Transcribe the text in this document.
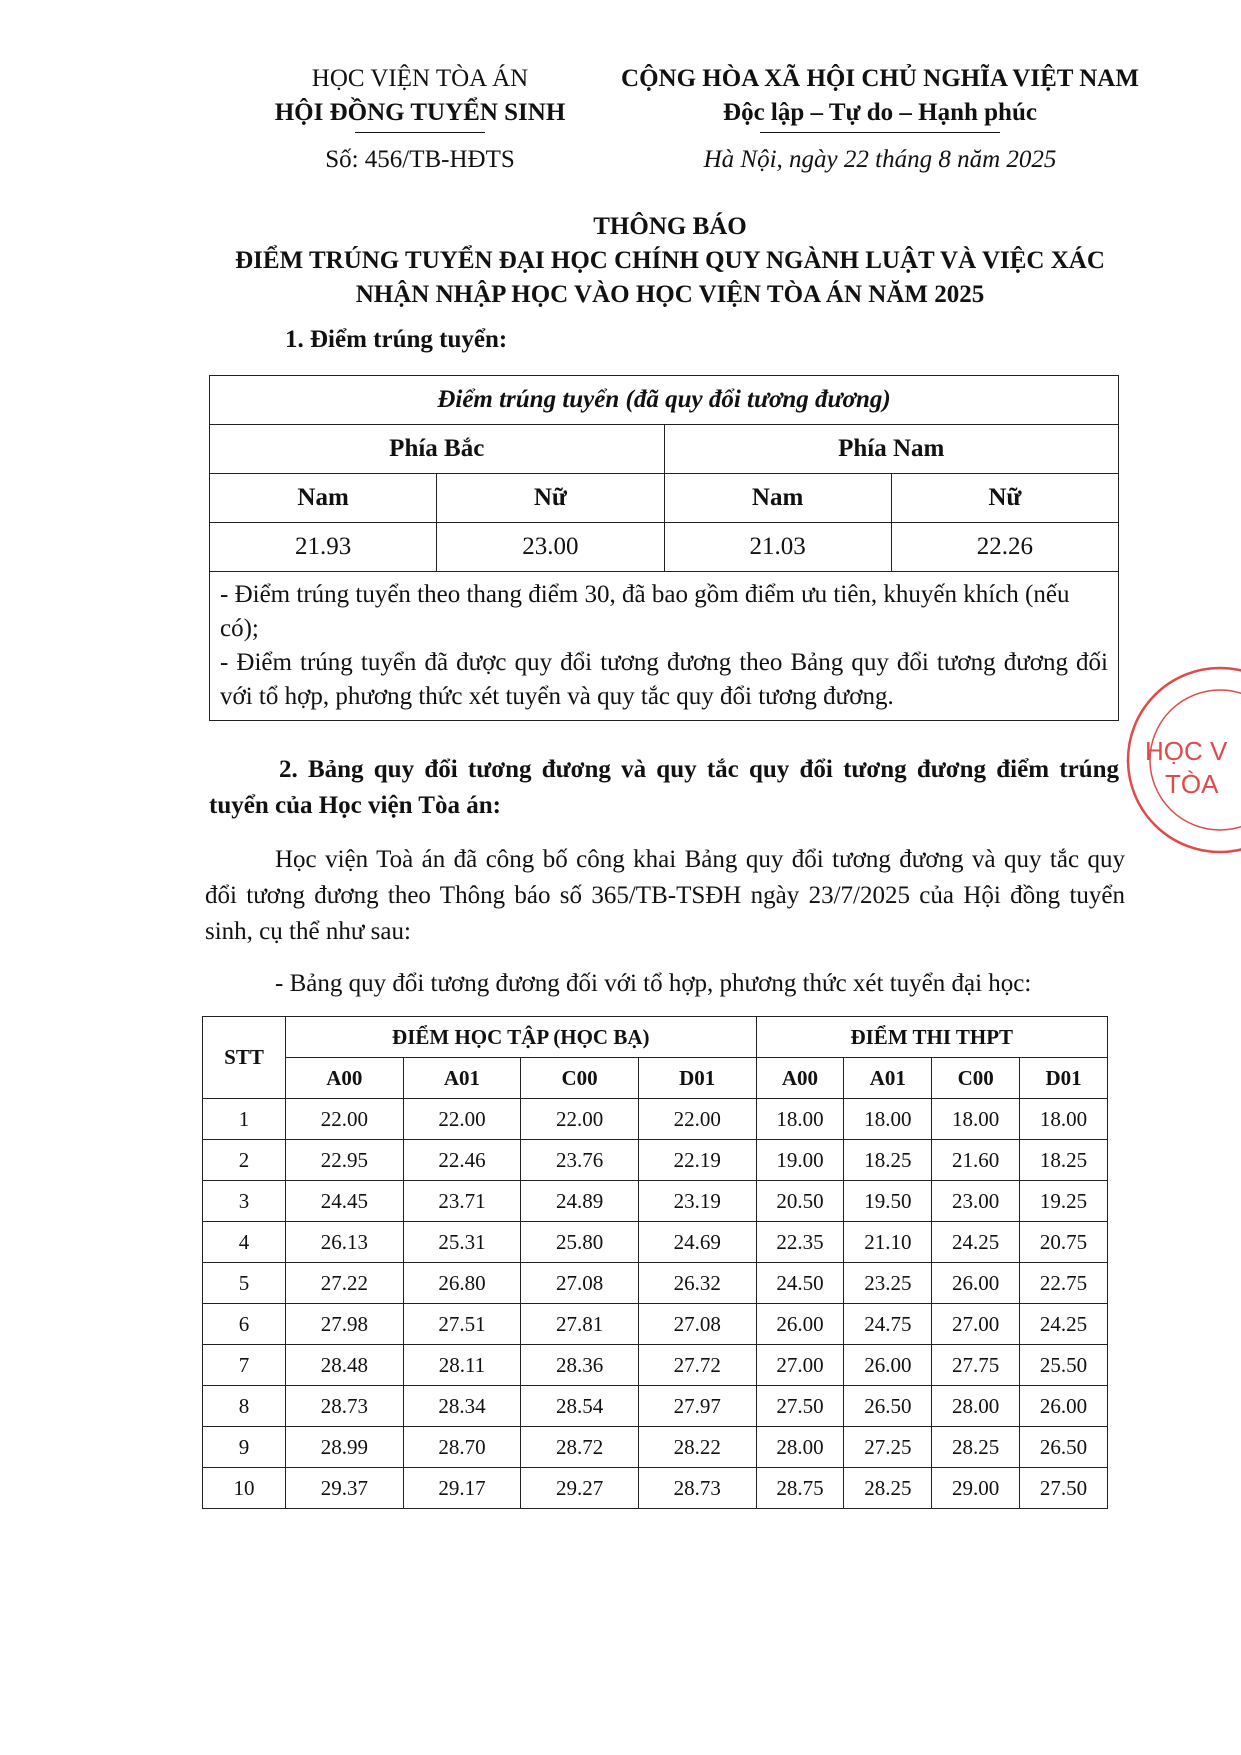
HỌC VIỆN TÒA ÁN
HỘI ĐỒNG TUYỂN SINH
Số: 456/TB-HĐTS
CỘNG HÒA XÃ HỘI CHỦ NGHĨA VIỆT NAM
Độc lập – Tự do – Hạnh phúc
Hà Nội, ngày 22 tháng 8 năm 2025
THÔNG BÁO
ĐIỂM TRÚNG TUYỂN ĐẠI HỌC CHÍNH QUY NGÀNH LUẬT VÀ VIỆC XÁC
NHẬN NHẬP HỌC VÀO HỌC VIỆN TÒA ÁN NĂM 2025
1. Điểm trúng tuyển:
Điểm trúng tuyển (đã quy đổi tương đương)			
Phía Bắc		Phía Nam	
Nam	Nữ	Nam	Nữ
21.93	23.00	21.03	22.26

- Điểm trúng tuyển theo thang điểm 30, đã bao gồm điểm ưu tiên, khuyến khích (nếu có);
- Điểm trúng tuyển đã được quy đổi tương đương theo Bảng quy đổi tương đương đối với tổ hợp, phương thức xét tuyển và quy tắc quy đổi tương đương.			
2. Bảng quy đổi tương đương và quy tắc quy đổi tương đương điểm trúng tuyển của Học viện Tòa án:
Học viện Toà án đã công bố công khai Bảng quy đổi tương đương và quy tắc quy đổi tương đương theo Thông báo số 365/TB-TSĐH ngày 23/7/2025 của Hội đồng tuyển sinh, cụ thể như sau:
- Bảng quy đổi tương đương đối với tổ hợp, phương thức xét tuyển đại học:
STT	ĐIỂM HỌC TẬP (HỌC BẠ)				ĐIỂM THI THPT			
	A00	A01	C00	D01	A00	A01	C00	D01
1	22.00	22.00	22.00	22.00	18.00	18.00	18.00	18.00
2	22.95	22.46	23.76	22.19	19.00	18.25	21.60	18.25
3	24.45	23.71	24.89	23.19	20.50	19.50	23.00	19.25
4	26.13	25.31	25.80	24.69	22.35	21.10	24.25	20.75
5	27.22	26.80	27.08	26.32	24.50	23.25	26.00	22.75
6	27.98	27.51	27.81	27.08	26.00	24.75	27.00	24.25
7	28.48	28.11	28.36	27.72	27.00	26.00	27.75	25.50
8	28.73	28.34	28.54	27.97	27.50	26.50	28.00	26.00
9	28.99	28.70	28.72	28.22	28.00	27.25	28.25	26.50
10	29.37	29.17	29.27	28.73	28.75	28.25	29.00	27.50
HỌC V
TÒA
